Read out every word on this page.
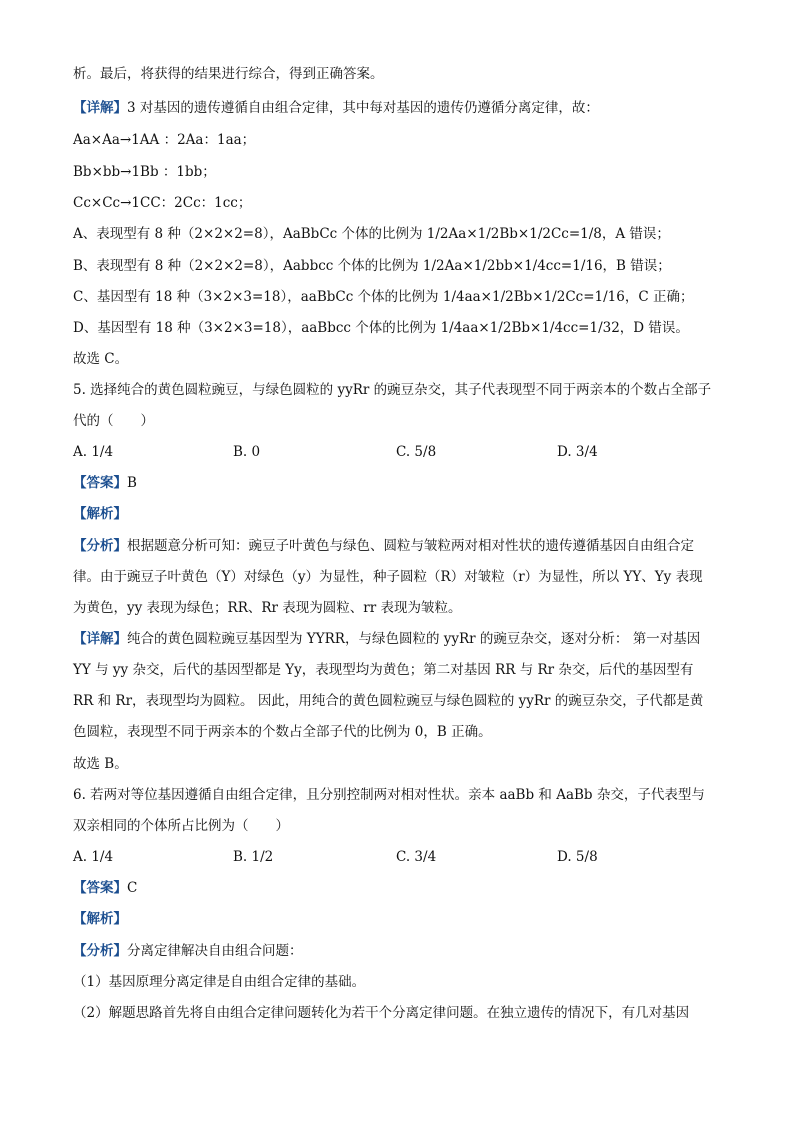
析。最后，将获得的结果进行综合，得到正确答案。
【详解】3 对基因的遗传遵循自由组合定律，其中每对基因的遗传仍遵循分离定律，故：
Aa×Aa→1AA ：2Aa：1aa；
Bb×bb→1Bb ：1bb；
Cc×Cc→1CC：2Cc：1cc；
A、表现型有 8 种（2×2×2=8），AaBbCc 个体的比例为 1/2Aa×1/2Bb×1/2Cc=1/8，A 错误；
B、表现型有 8 种（2×2×2=8），Aabbcc 个体的比例为 1/2Aa×1/2bb×1/4cc=1/16，B 错误；
C、基因型有 18 种（3×2×3=18），aaBbCc 个体的比例为 1/4aa×1/2Bb×1/2Cc=1/16，C 正确；
D、基因型有 18 种（3×2×3=18），aaBbcc 个体的比例为 1/4aa×1/2Bb×1/4cc=1/32，D 错误。
故选 C。
5. 选择纯合的黄色圆粒豌豆，与绿色圆粒的 yyRr 的豌豆杂交，其子代表现型不同于两亲本的个数占全部子
代的（　　）
A. 1/4	B. 0	C. 5/8	D. 3/4
【答案】B
【解析】
【分析】根据题意分析可知：豌豆子叶黄色与绿色、圆粒与皱粒两对相对性状的遗传遵循基因自由组合定
律。由于豌豆子叶黄色（Y）对绿色（y）为显性，种子圆粒（R）对皱粒（r）为显性，所以 YY、Yy 表现
为黄色，yy 表现为绿色；RR、Rr 表现为圆粒、rr 表现为皱粒。
【详解】纯合的黄色圆粒豌豆基因型为 YYRR，与绿色圆粒的 yyRr 的豌豆杂交，逐对分析： 第一对基因
YY 与 yy 杂交，后代的基因型都是 Yy，表现型均为黄色；第二对基因 RR 与 Rr 杂交，后代的基因型有
RR 和 Rr，表现型均为圆粒。 因此，用纯合的黄色圆粒豌豆与绿色圆粒的 yyRr 的豌豆杂交，子代都是黄
色圆粒，表现型不同于两亲本的个数占全部子代的比例为 0，B 正确。
故选 B。
6. 若两对等位基因遵循自由组合定律，且分别控制两对相对性状。亲本 aaBb 和 AaBb 杂交，子代表型与
双亲相同的个体所占比例为（　　）
A. 1/4	B. 1/2	C. 3/4	D. 5/8
【答案】C
【解析】
【分析】分离定律解决自由组合问题：
（1）基因原理分离定律是自由组合定律的基础。
（2）解题思路首先将自由组合定律问题转化为若干个分离定律问题。在独立遗传的情况下，有几对基因
